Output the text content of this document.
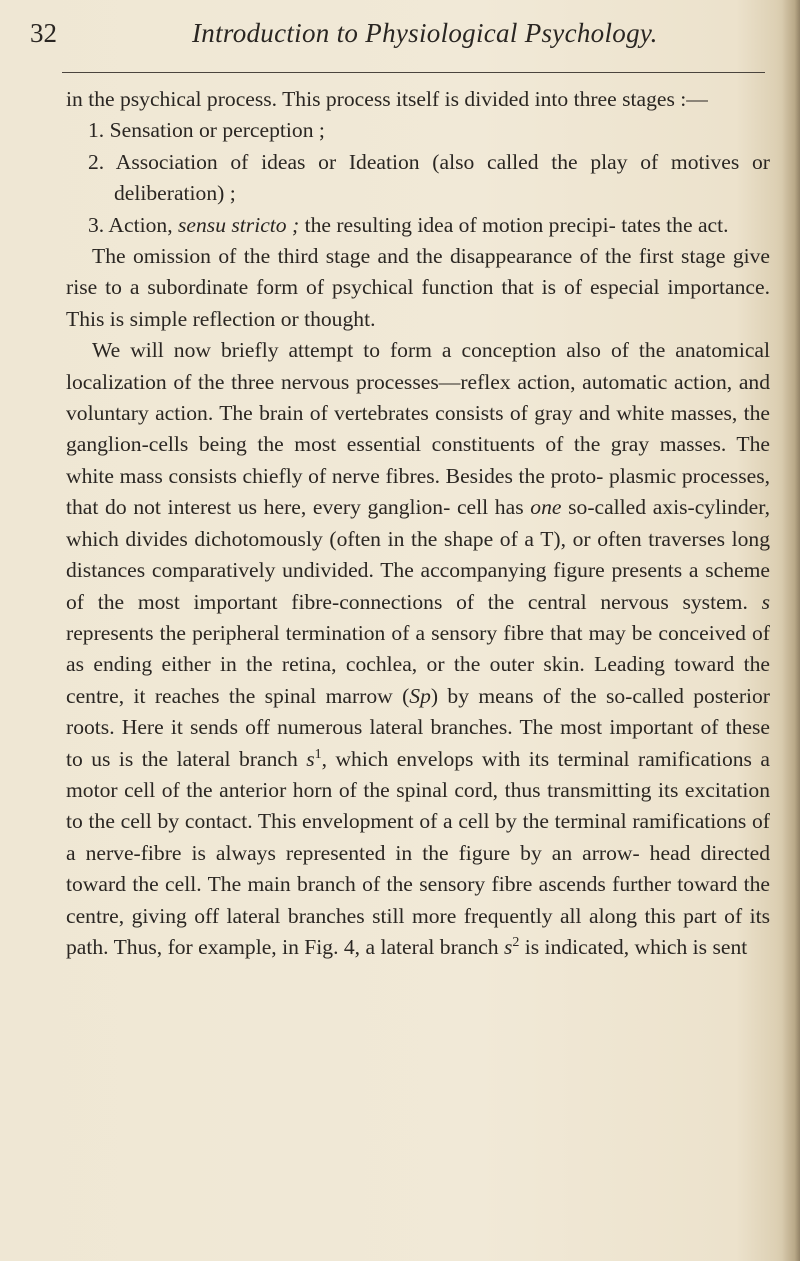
32	Introduction to Physiological Psychology.

in the psychical process. This process itself is divided into three stages :—

1. Sensation or perception ;

2. Association of ideas or Ideation (also called the play of motives or deliberation) ;

3. Action, sensu stricto ; the resulting idea of motion precipi- tates the act.

The omission of the third stage and the disappearance of the first stage give rise to a subordinate form of psychical function that is of especial importance. This is simple reflection or thought.

We will now briefly attempt to form a conception also of the anatomical localization of the three nervous processes—reflex action, automatic action, and voluntary action. The brain of vertebrates consists of gray and white masses, the ganglion-cells being the most essential constituents of the gray masses. The white mass consists chiefly of nerve fibres. Besides the proto- plasmic processes, that do not interest us here, every ganglion- cell has one so-called axis-cylinder, which divides dichotomously (often in the shape of a T), or often traverses long distances comparatively undivided. The accompanying figure presents a scheme of the most important fibre-connections of the central nervous system. s represents the peripheral termination of a sensory fibre that may be conceived of as ending either in the retina, cochlea, or the outer skin. Leading toward the centre, it reaches the spinal marrow (Sp) by means of the so-called posterior roots. Here it sends off numerous lateral branches. The most important of these to us is the lateral branch $s^1$, which envelops with its terminal ramifications a motor cell of the anterior horn of the spinal cord, thus transmitting its excitation to the cell by contact. This envelopment of a cell by the terminal ramifications of a nerve-fibre is always represented in the figure by an arrow- head directed toward the cell. The main branch of the sensory fibre ascends further toward the centre, giving off lateral branches still more frequently all along this part of its path. Thus, for example, in Fig. 4, a lateral branch $s^2$ is indicated, which is sent
